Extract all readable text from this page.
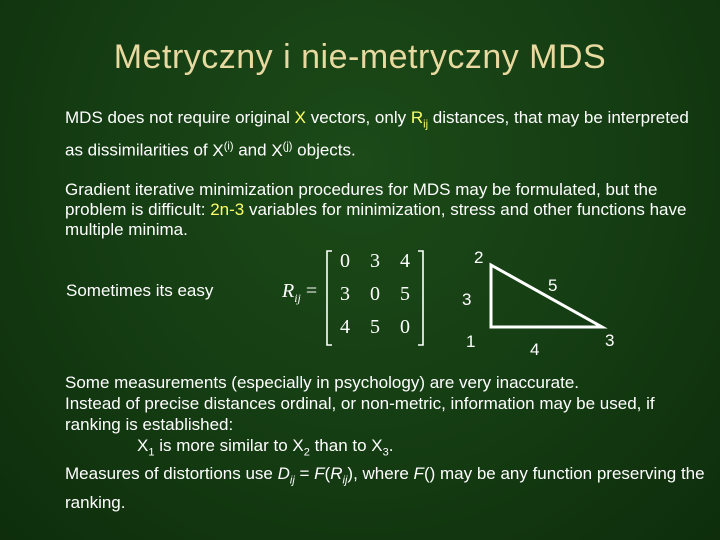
Metryczny i nie-metryczny MDS
MDS does not require original X vectors, only $R_{ij}$ distances, that may be interpreted as dissimilarities of $X^{(i)}$ and $X^{(j)}$ objects.
Gradient iterative minimization procedures for MDS may be formulated, but the problem is difficult: 2n-3 variables for minimization, stress and other functions have multiple minima.
Sometimes its easy	$R_{ij}$ =
0	3	4
3	0	5
4	5	0
2
1	3
3
4
5
Some measurements (especially in psychology) are very inaccurate.
Instead of precise distances ordinal, or non-metric, information may be used, if ranking is established:
$X_1$ is more similar to $X_2$ than to $X_3$.
Measures of distortions use $D_{ij} = F(R_{ij})$, where F() may be any function preserving the ranking.
